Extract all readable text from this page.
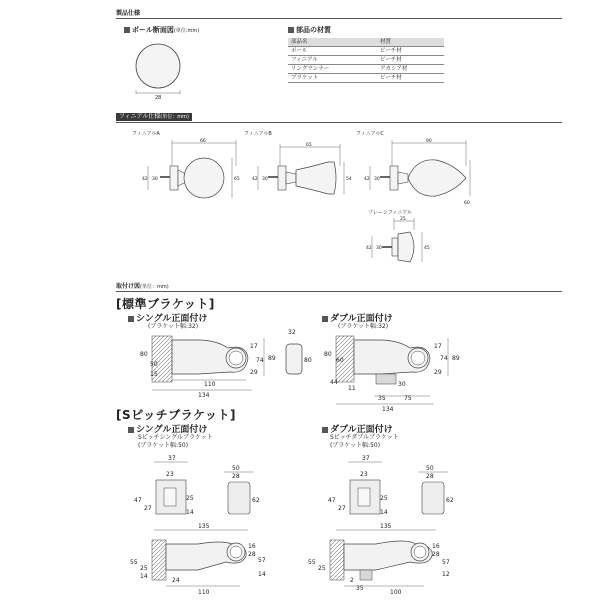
製品仕様
ポール断面図(単位:mm)
28
部品の材質
部品名	材質
ポール	ビーチ材
フィニアル	ビーチ材
リングランナー	アカシア材
ブラケット	ビーチ材
フィニアル仕様(単位：mm)
フィニアルA
66
42 30	65
フィニアルB
65
42 30	54
フィニアルC
90
42 30
60
プレーンフィニアル
25
42 30	45
取付け図(単位：mm)
[標準ブラケット]
シングル正面付け
(ブラケット幅:32)
110
134
80
50
15
17
74 89
29
32
80
ダブル正面付け
(ブラケット幅:32)
80
60
44
17
74 89
29
11
30
75
35
134
[Sピッチブラケット]
シングル正面付け
Sピッチシングルブラケット
(ブラケット幅:50)
37
23
47
27
25
14
50
28
62
135
55
25
14
16
28
57
14
110
24
ダブル正面付け
Sピッチダブルブラケット
(ブラケット幅:50)
37
23
47
27
25
14
50
28
62
135
55
25
16
28
57
12
35
100
2
